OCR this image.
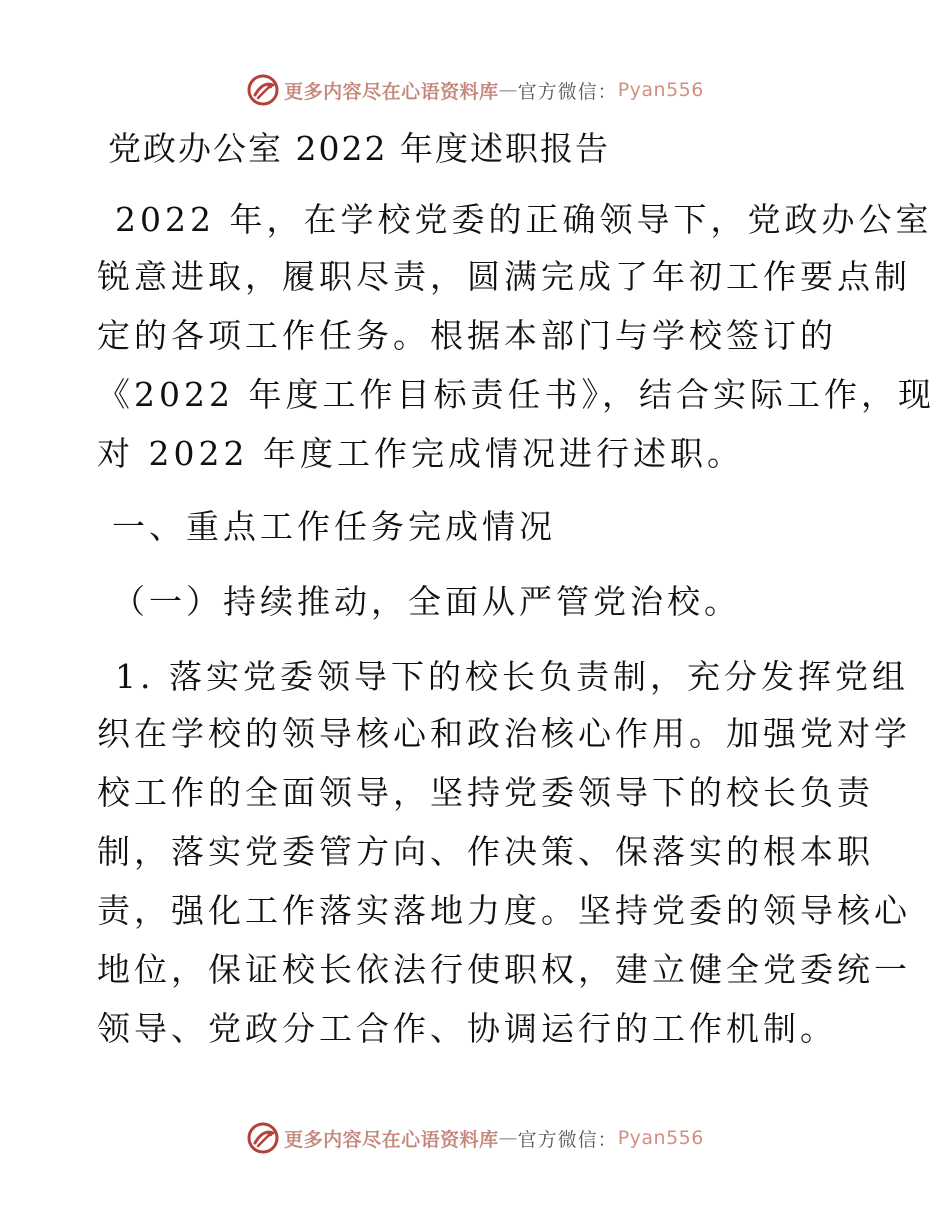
更多内容尽在心语资料库 — 官方微信： Pyan556
党政办公室 2022 年度述职报告
2022 年，在学校党委的正确领导下，党政办公室
锐意进取，履职尽责，圆满完成了年初工作要点制
定的各项工作任务。根据本部门与学校签订的
《2022 年度工作目标责任书》，结合实际工作，现
对 2022 年度工作完成情况进行述职。
一、重点工作任务完成情况
（一）持续推动，全面从严管党治校。
1. 落实党委领导下的校长负责制，充分发挥党组
织在学校的领导核心和政治核心作用。加强党对学
校工作的全面领导，坚持党委领导下的校长负责
制，落实党委管方向、作决策、保落实的根本职
责，强化工作落实落地力度。坚持党委的领导核心
地位，保证校长依法行使职权，建立健全党委统一
领导、党政分工合作、协调运行的工作机制。
更多内容尽在心语资料库 — 官方微信： Pyan556
